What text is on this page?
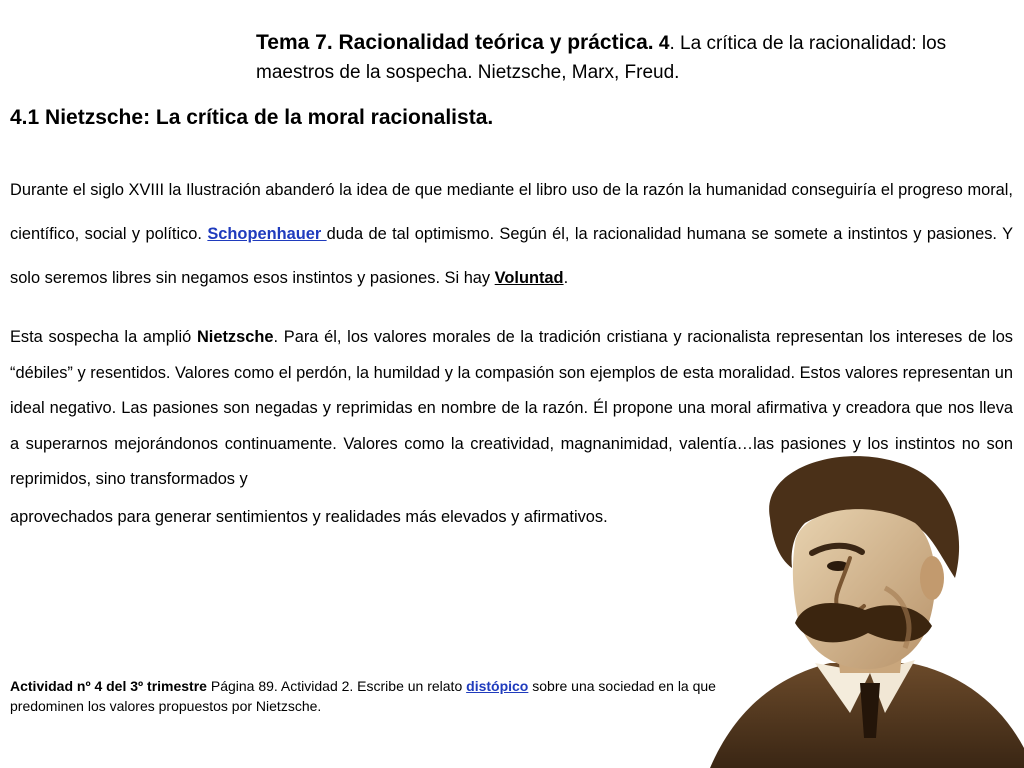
Tema 7. Racionalidad teórica y práctica. 4. La crítica de la racionalidad: los maestros de la sospecha. Nietzsche, Marx, Freud.
4.1 Nietzsche: La crítica de la moral racionalista.

Durante el siglo XVIII la Ilustración abanderó la idea de que mediante el libro uso de la razón la humanidad conseguiría el progreso moral, científico, social y político. Schopenhauer duda de tal optimismo. Según él, la racionalidad humana se somete a instintos y pasiones. Y solo seremos libres sin negamos esos instintos y pasiones. Si hay Voluntad.

Esta sospecha la amplió Nietzsche. Para él, los valores morales de la tradición cristiana y racionalista representan los intereses de los “débiles” y resentidos. Valores como el perdón, la humildad y la compasión son ejemplos de esta moralidad. Estos valores representan un ideal negativo. Las pasiones son negadas y reprimidas en nombre de la razón. Él propone una moral afirmativa y creadora que nos lleva a superarnos mejorándonos continuamente. Valores como la creatividad, magnanimidad, valentía…las pasiones y los instintos no son reprimidos, sino transformados y

aprovechados para generar sentimientos y realidades más elevados y afirmativos.

Actividad nº 4 del 3º trimestre Página 89. Actividad 2. Escribe un relato distópico sobre una sociedad en la que predominen los valores propuestos por Nietzsche.
